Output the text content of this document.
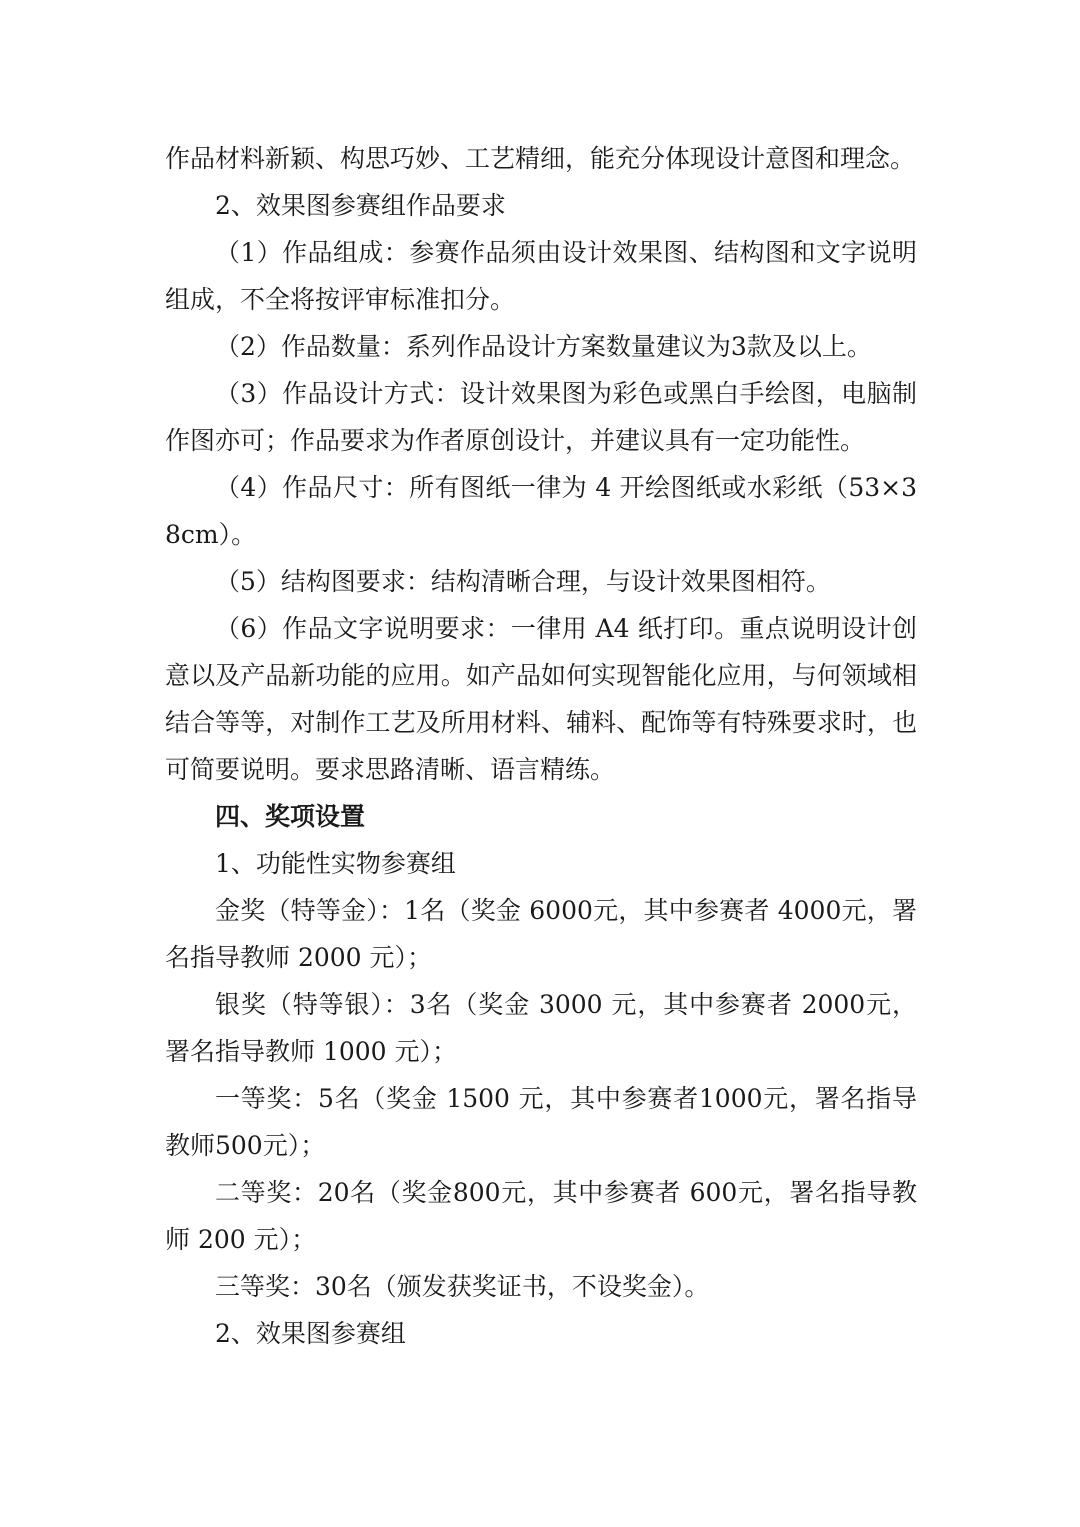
作品材料新颖、构思巧妙、工艺精细，能充分体现设计意图和理念。

2、效果图参赛组作品要求

（1）作品组成：参赛作品须由设计效果图、结构图和文字说明组成，不全将按评审标准扣分。

（2）作品数量：系列作品设计方案数量建议为3款及以上。

（3）作品设计方式：设计效果图为彩色或黑白手绘图，电脑制作图亦可；作品要求为作者原创设计，并建议具有一定功能性。

（4）作品尺寸：所有图纸一律为 4 开绘图纸或水彩纸（53×38cm）。

（5）结构图要求：结构清晰合理，与设计效果图相符。

（6）作品文字说明要求：一律用 A4 纸打印。重点说明设计创意以及产品新功能的应用。如产品如何实现智能化应用，与何领域相结合等等，对制作工艺及所用材料、辅料、配饰等有特殊要求时，也可简要说明。要求思路清晰、语言精练。

四、奖项设置

1、功能性实物参赛组

金奖（特等金）：1名（奖金 6000元，其中参赛者 4000元，署名指导教师 2000 元）；

银奖（特等银）：3名（奖金 3000 元，其中参赛者 2000元，署名指导教师 1000 元）；

一等奖：5名（奖金 1500 元，其中参赛者1000元，署名指导教师500元）；

二等奖：20名（奖金800元，其中参赛者 600元，署名指导教师 200 元）；

三等奖：30名（颁发获奖证书，不设奖金）。

2、效果图参赛组
